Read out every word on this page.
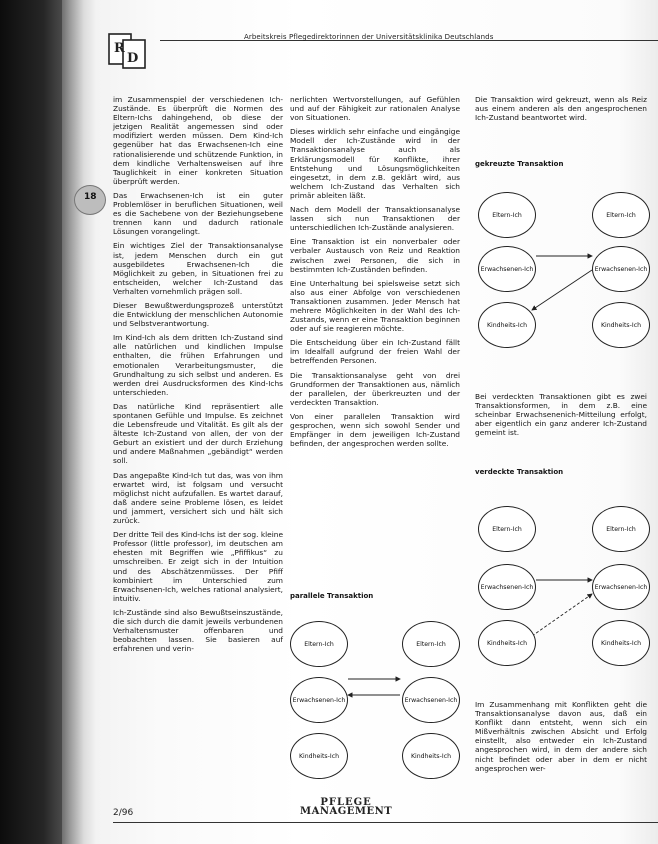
R
D
Arbeitskreis Pflegedirektorinnen der Universitätsklinika Deutschlands
18

im Zusammenspiel der verschiedenen Ich-Zustände. Es überprüft die Normen des Eltern-Ichs dahingehend, ob diese der jetzigen Realität angemessen sind oder modifiziert werden müssen. Dem Kind-Ich gegenüber hat das Erwachsenen-Ich eine rationalisierende und schützende Funktion, in dem kindliche Verhaltensweisen auf ihre Tauglichkeit in einer konkreten Situation überprüft werden.

Das Erwachsenen-Ich ist ein guter Problemlöser in beruflichen Situationen, weil es die Sachebene von der Beziehungsebene trennen kann und dadurch rationale Lösungen vorangelingt.

Ein wichtiges Ziel der Transaktionsanalyse ist, jedem Menschen durch ein gut ausgebildetes Erwachsenen-Ich die Möglichkeit zu geben, in Situationen frei zu entscheiden, welcher Ich-Zustand das Verhalten vornehmlich prägen soll.

Dieser Bewußtwerdungsprozeß unterstützt die Entwicklung der menschlichen Autonomie und Selbstverantwortung.

Im Kind-Ich als dem dritten Ich-Zustand sind alle natürlichen und kindlichen Impulse enthalten, die frühen Erfahrungen und emotionalen Verarbeitungsmuster, die Grundhaltung zu sich selbst und anderen. Es werden drei Ausdrucksformen des Kind-Ichs unterschieden.

Das natürliche Kind repräsentiert alle spontanen Gefühle und Impulse. Es zeichnet die Lebensfreude und Vitalität. Es gilt als der älteste Ich-Zustand von allen, der von der Geburt an existiert und der durch Erziehung und andere Maßnahmen „gebändigt“ werden soll.

Das angepaßte Kind-Ich tut das, was von ihm erwartet wird, ist folgsam und versucht möglichst nicht aufzufallen. Es wartet darauf, daß andere seine Probleme lösen, es leidet und jammert, versichert sich und hält sich zurück.

Der dritte Teil des Kind-Ichs ist der sog. kleine Professor (little professor), im deutschen am ehesten mit Begriffen wie „Pfiffikus“ zu umschreiben. Er zeigt sich in der Intuition und des Abschätzenmüsses. Der Pfiff kombiniert im Unterschied zum Erwachsenen-Ich, welches rational analysiert, intuitiv.

Ich-Zustände sind also Bewußtseinszustände, die sich durch die damit jeweils verbundenen Verhaltensmuster offenbaren und beobachten lassen. Sie basieren auf erfahrenen und verin-

nerlichten Wertvorstellungen, auf Gefühlen und auf der Fähigkeit zur rationalen Analyse von Situationen.

Dieses wirklich sehr einfache und eingängige Modell der Ich-Zustände wird in der Transaktionsanalyse auch als Erklärungsmodell für Konflikte, ihrer Entstehung und Lösungsmöglichkeiten eingesetzt, in dem z.B. geklärt wird, aus welchem Ich-Zustand das Verhalten sich primär ableiten läßt.

Nach dem Modell der Transaktionsanalyse lassen sich nun Transaktionen der unterschiedlichen Ich-Zustände analysieren.

Eine Transaktion ist ein nonverbaler oder verbaler Austausch von Reiz und Reaktion zwischen zwei Personen, die sich in bestimmten Ich-Zuständen befinden.

Eine Unterhaltung bei spielsweise setzt sich also aus einer Abfolge von verschiedenen Transaktionen zusammen. Jeder Mensch hat mehrere Möglichkeiten in der Wahl des Ich-Zustands, wenn er eine Transaktion beginnen oder auf sie reagieren möchte.

Die Entscheidung über ein Ich-Zustand fällt im Idealfall aufgrund der freien Wahl der betreffenden Personen.

Die Transaktionsanalyse geht von drei Grundformen der Transaktionen aus, nämlich der parallelen, der überkreuzten und der verdeckten Transaktion.

Von einer parallelen Transaktion wird gesprochen, wenn sich sowohl Sender und Empfänger in dem jeweiligen Ich-Zustand befinden, der angesprochen werden sollte.

parallele Transaktion

Eltern-Ich
Erwachsenen-Ich
Kindheits-Ich
Eltern-Ich
Erwachsenen-Ich
Kindheits-Ich

Die Transaktion wird gekreuzt, wenn als Reiz aus einem anderen als den angesprochenen Ich-Zustand beantwortet wird.

gekreuzte Transaktion

Eltern-Ich
Erwachsenen-Ich
Kindheits-Ich
Eltern-Ich
Erwachsenen-Ich
Kindheits-Ich

Bei verdeckten Transaktionen gibt es zwei Transaktionsformen, in dem z.B. eine scheinbar Erwachsenenich-Mitteilung erfolgt, aber eigentlich ein ganz anderer Ich-Zustand gemeint ist.

verdeckte Transaktion

Eltern-Ich
Erwachsenen-Ich
Kindheits-Ich
Eltern-Ich
Erwachsenen-Ich
Kindheits-Ich

Im Zusammenhang mit Konflikten geht die Transaktionsanalyse davon aus, daß ein Konflikt dann entsteht, wenn sich ein Mißverhältnis zwischen Absicht und Erfolg einstellt, also entweder ein Ich-Zustand angesprochen wird, in dem der andere sich nicht befindet oder aber in dem er nicht angesprochen wer-

2/96
PFLEGE
MANAGEMENT
